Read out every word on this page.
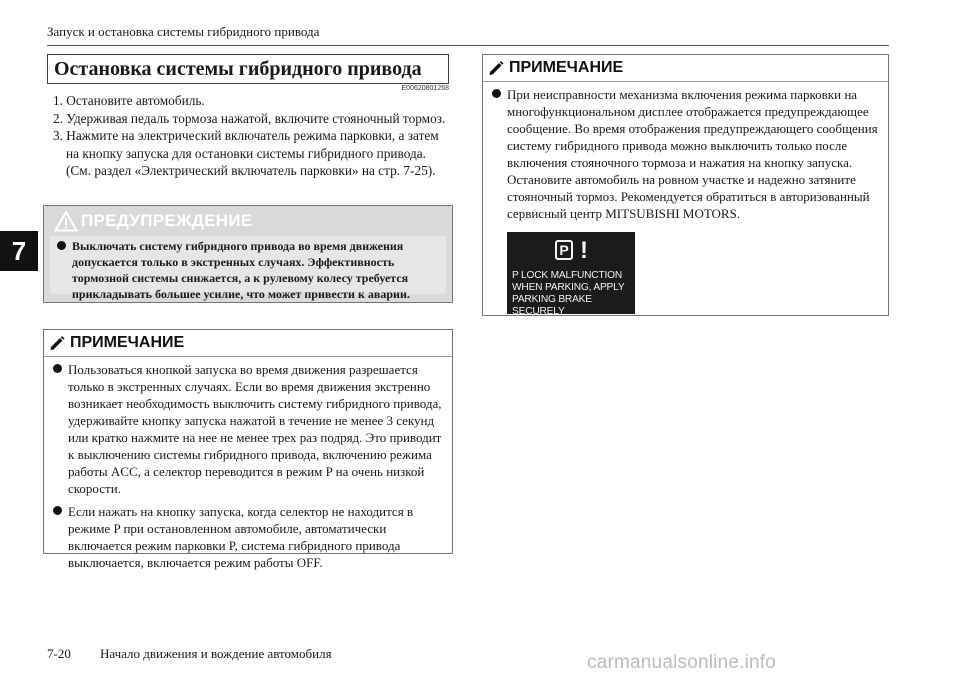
Запуск и остановка системы гибридного привода
7
Остановка системы гибридного привода
E00620801268
1. Остановите автомобиль.
2. Удерживая педаль тормоза нажатой, включите стояночный тормоз.
3. Нажмите на электрический включатель режима парковки, а затем на кнопку запуска для остановки системы гибридного привода. (См. раздел «Электрический включатель парковки» на стр. 7-25).
ПРЕДУПРЕЖДЕНИЕ
Выключать систему гибридного привода во время движения допускается только в экстренных случаях. Эффективность тормозной системы снижается, а к рулевому колесу требуется прикладывать большее усилие, что может привести к аварии.
ПРИМЕЧАНИЕ
Пользоваться кнопкой запуска во время движения разрешается только в экстренных случаях. Если во время движения экстренно возникает необходимость выключить систему гибридного привода, удерживайте кнопку запуска нажатой в течение не менее 3 секунд или кратко нажмите на нее не менее трех раз подряд. Это приводит к выключению системы гибридного привода, включению режима работы ACC, а селектор переводится в режим P на очень низкой скорости.
Если нажать на кнопку запуска, когда селектор не находится в режиме P при остановленном автомобиле, автоматически включается режим парковки P, система гибридного привода выключается, включается режим работы OFF.
ПРИМЕЧАНИЕ
При неисправности механизма включения режима парковки на многофункциональном дисплее отображается предупреждающее сообщение. Во время отображения предупреждающего сообщения систему гибридного привода можно выключить только после включения стояночного тормоза и нажатия на кнопку запуска. Остановите автомобиль на ровном участке и надежно затяните стояночный тормоз. Рекомендуется обратиться в авторизованный сервисный центр MITSUBISHI MOTORS.
P !
P LOCK MALFUNCTION
WHEN PARKING, APPLY
PARKING BRAKE SECURELY
7-20 Начало движения и вождение автомобиля	carmanualsonline.info
